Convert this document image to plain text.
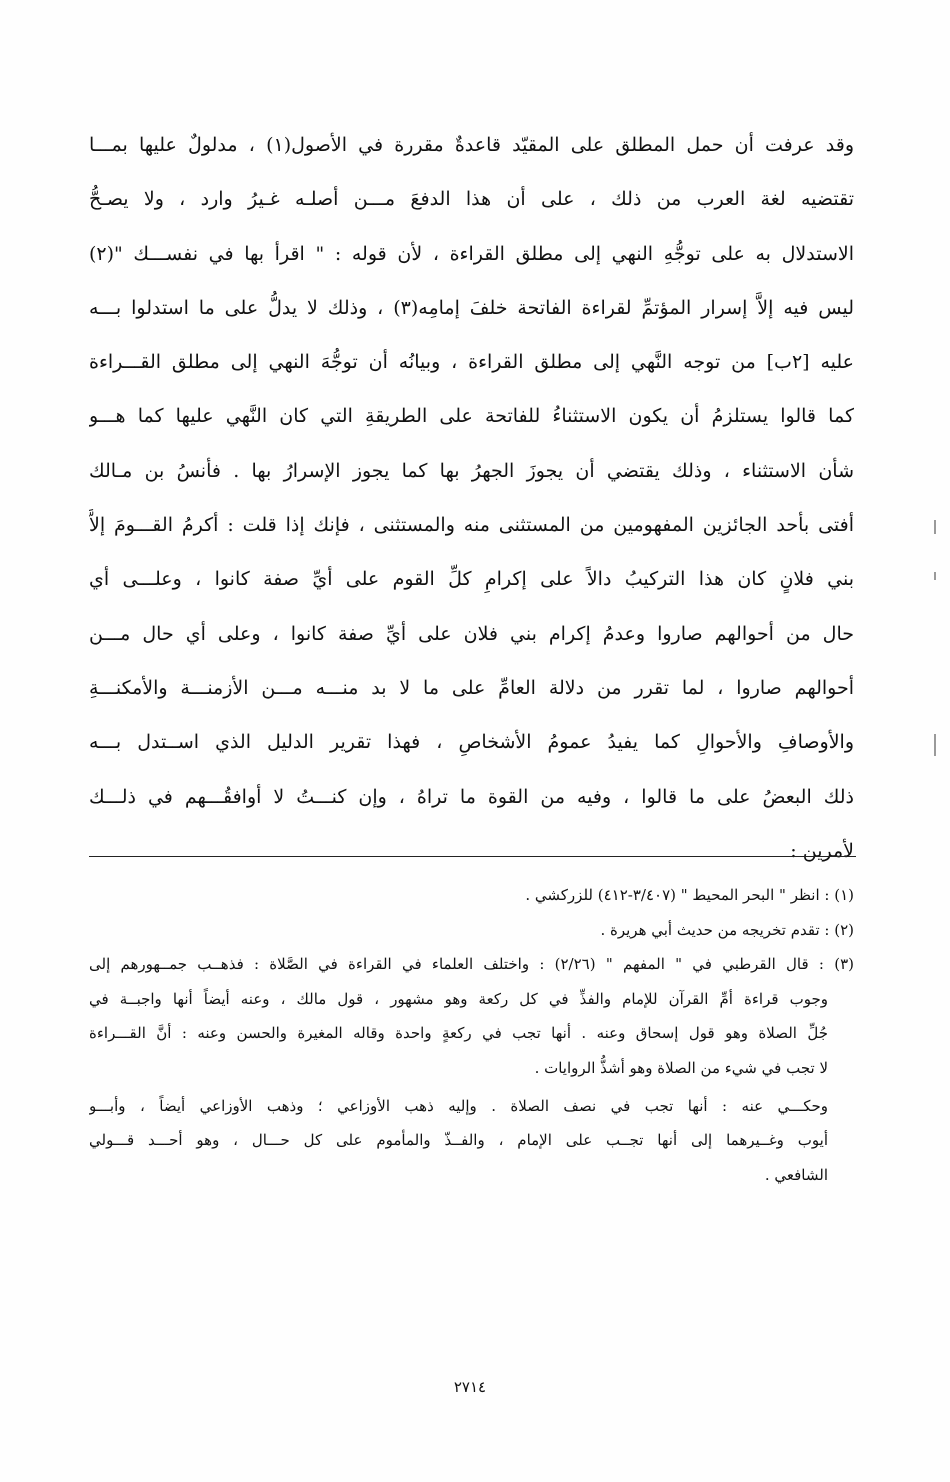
وقد عرفت أن حمل المطلق على المقيّد قاعدةٌ مقررة في الأصول(١) ، مدلولٌ عليها بمـــا
تقتضيه لغة العرب من ذلك ، على أن هذا الدفعَ مـــن أصلـه غـيرُ وارد ، ولا يصـحُّ
الاستدلال به على توجُّهِ النهي إلى مطلق القراءة ، لأن قوله : " اقرأ بها في نفســـك "(٢)
ليس فيه إلاَّ إسرار المؤتمِّ لقراءة الفاتحة خلفَ إمامِه(٣) ، وذلك لا يدلُّ على ما استدلوا بـــه
عليه [٢ب] من توجه النَّهي إلى مطلق القراءة ، وبيانُه أن توجُّهَ النهي إلى مطلق القـــراءة
كما قالوا يستلزمُ أن يكون الاستثناءُ للفاتحة على الطريقةِ التي كان النَّهي عليها كما هـــو
شأن الاستثناء ، وذلك يقتضي أن يجوزَ الجهرُ بها كما يجوز الإسرارُ بها . فأنسُ بن مـالك
أفتى بأحد الجائزين المفهومين من المستثنى منه والمستثنى ، فإنك إذا قلت : أكرمُ القـــومَ إلاَّ
بني فلانٍ كان هذا التركيبُ دالاً على إكرامِ كلِّ القوم على أيِّ صفة كانوا ، وعلـــى أي
حال من أحوالهم صاروا وعدمُ إكرام بني فلان على أيِّ صفة كانوا ، وعلى أي حال مـــن
أحوالهم صاروا ، لما تقرر من دلالة العامِّ على ما لا بد منـــه مـــن الأزمنـــة والأمكنـــةِ
والأوصافِ والأحوالِ كما يفيدُ عمومُ الأشخاصِ ، فهذا تقرير الدليل الذي اســتدل بـــه
ذلك البعضُ على ما قالوا ، وفيه من القوة ما تراهُ ، وإن كنـــتُ لا أوافقُـــهم في ذلـــك
لأمرين :
(١) : انظر " البحر المحيط " (٣/٤٠٧-٤١٢) للزركشي .
(٢) : تقدم تخريجه من حديث أبي هريرة .
(٣) : قال القرطبي في " المفهم " (٢/٢٦) : واختلف العلماء في القراءة في الصَّلاة : فذهــب جمــهورهم إلى
وجوب قراءة أمِّ القرآن للإمام والفذِّ في كل ركعة وهو مشهور ، قول مالك ، وعنه أيضاً أنها واجبــة في
جُلِّ الصلاة وهو قول إسحاق وعنه . أنها تجب في ركعةٍ واحدة وقاله المغيرة والحسن وعنه : أنَّ القـــراءة
لا تجب في شيء من الصلاة وهو أشذُّ الروايات .
وحكـــي عنه : أنها تجب في نصف الصلاة . وإليه ذهب الأوزاعي ؛ وذهب الأوزاعي أيضاً ، وأبـــو
أيوب وغــيرهما إلى أنها تجــب على الإمام ، والفــذّ والمأموم على كل حـــال ، وهو أحـــد قـــولي
الشافعي .
٢٧١٤
